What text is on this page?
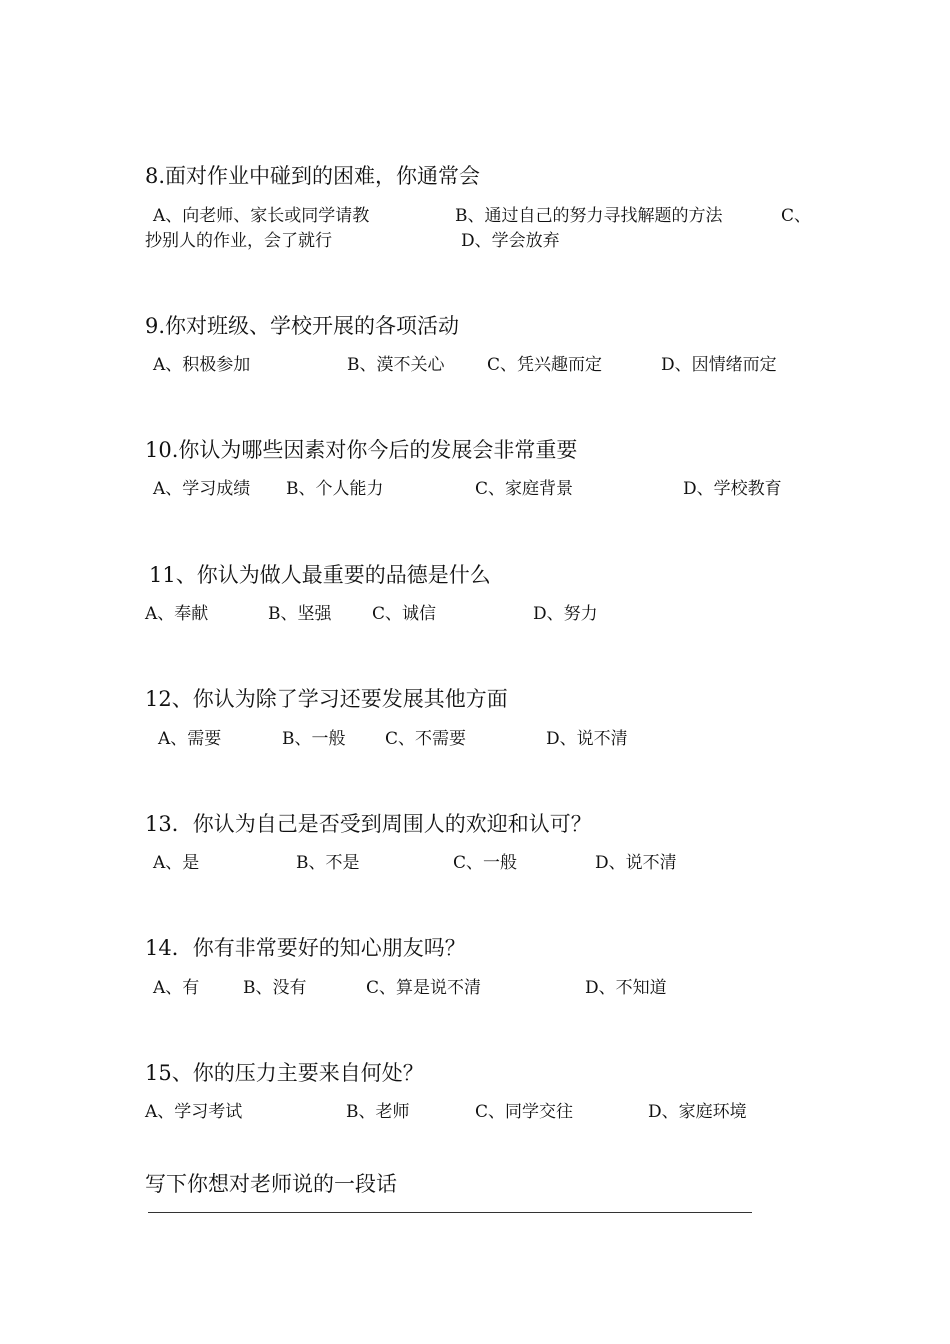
8.面对作业中碰到的困难，你通常会
A、向老师、家长或同学请教	B、通过自己的努力寻找解题的方法	C、
抄别人的作业，会了就行	D、学会放弃
9.你对班级、学校开展的各项活动
A、积极参加	B、漠不关心	C、凭兴趣而定	D、因情绪而定
10.你认为哪些因素对你今后的发展会非常重要
A、学习成绩 B、个人能力	C、家庭背景	D、学校教育
11、你认为做人最重要的品德是什么
A、奉献	B、坚强 C、诚信	D、努力
12、你认为除了学习还要发展其他方面
A、需要	B、一般 C、不需要	D、说不清
13．你认为自己是否受到周围人的欢迎和认可？
A、是	B、不是	C、一般	D、说不清
14．你有非常要好的知心朋友吗？
A、有	B、没有	C、算是说不清	D、不知道
15、你的压力主要来自何处？
A、学习考试	B、老师	C、同学交往	D、家庭环境
写下你想对老师说的一段话
